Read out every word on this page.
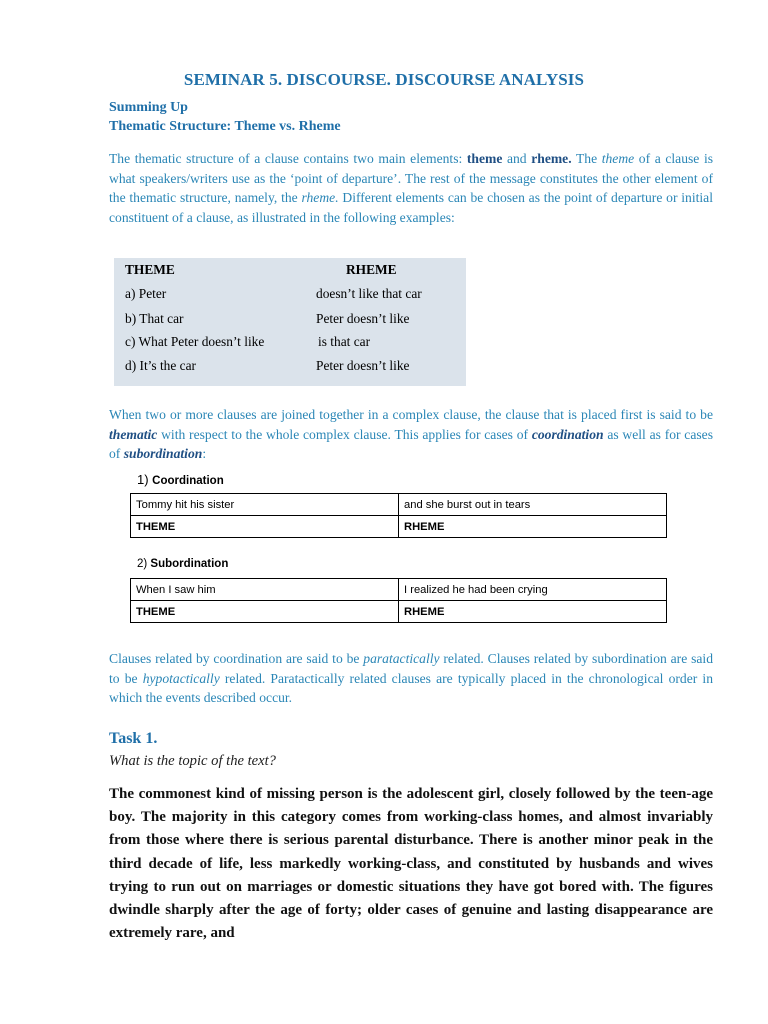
SEMINAR 5. DISCOURSE. DISCOURSE ANALYSIS
Summing Up
Thematic Structure: Theme vs. Rheme

The thematic structure of a clause contains two main elements: theme and rheme. The theme of a clause is what speakers/writers use as the ‘point of departure’. The rest of the message constitutes the other element of the thematic structure, namely, the rheme. Different elements can be chosen as the point of departure or initial constituent of a clause, as illustrated in the following examples:

THEME	RHEME
a) Peter	doesn’t like that car
b) That car	Peter doesn’t like
c) What Peter doesn’t like	is that car
d) It’s the car	Peter doesn’t like

When two or more clauses are joined together in a complex clause, the clause that is placed first is said to be thematic with respect to the whole complex clause. This applies for cases of coordination as well as for cases of subordination:

1) Coordination
Tommy hit his sister	and she burst out in tears
THEME	RHEME
2) Subordination
When I saw him	I realized he had been crying
THEME	RHEME

Clauses related by coordination are said to be paratactically related. Clauses related by subordination are said to be hypotactically related. Paratactically related clauses are typically placed in the chronological order in which the events described occur.

Task 1.
What is the topic of the text?

The commonest kind of missing person is the adolescent girl, closely followed by the teen-age boy. The majority in this category comes from working-class homes, and almost invariably from those where there is serious parental disturbance. There is another minor peak in the third decade of life, less markedly working-class, and constituted by husbands and wives trying to run out on marriages or domestic situations they have got bored with. The figures dwindle sharply after the age of forty; older cases of genuine and lasting disappearance are extremely rare, and
